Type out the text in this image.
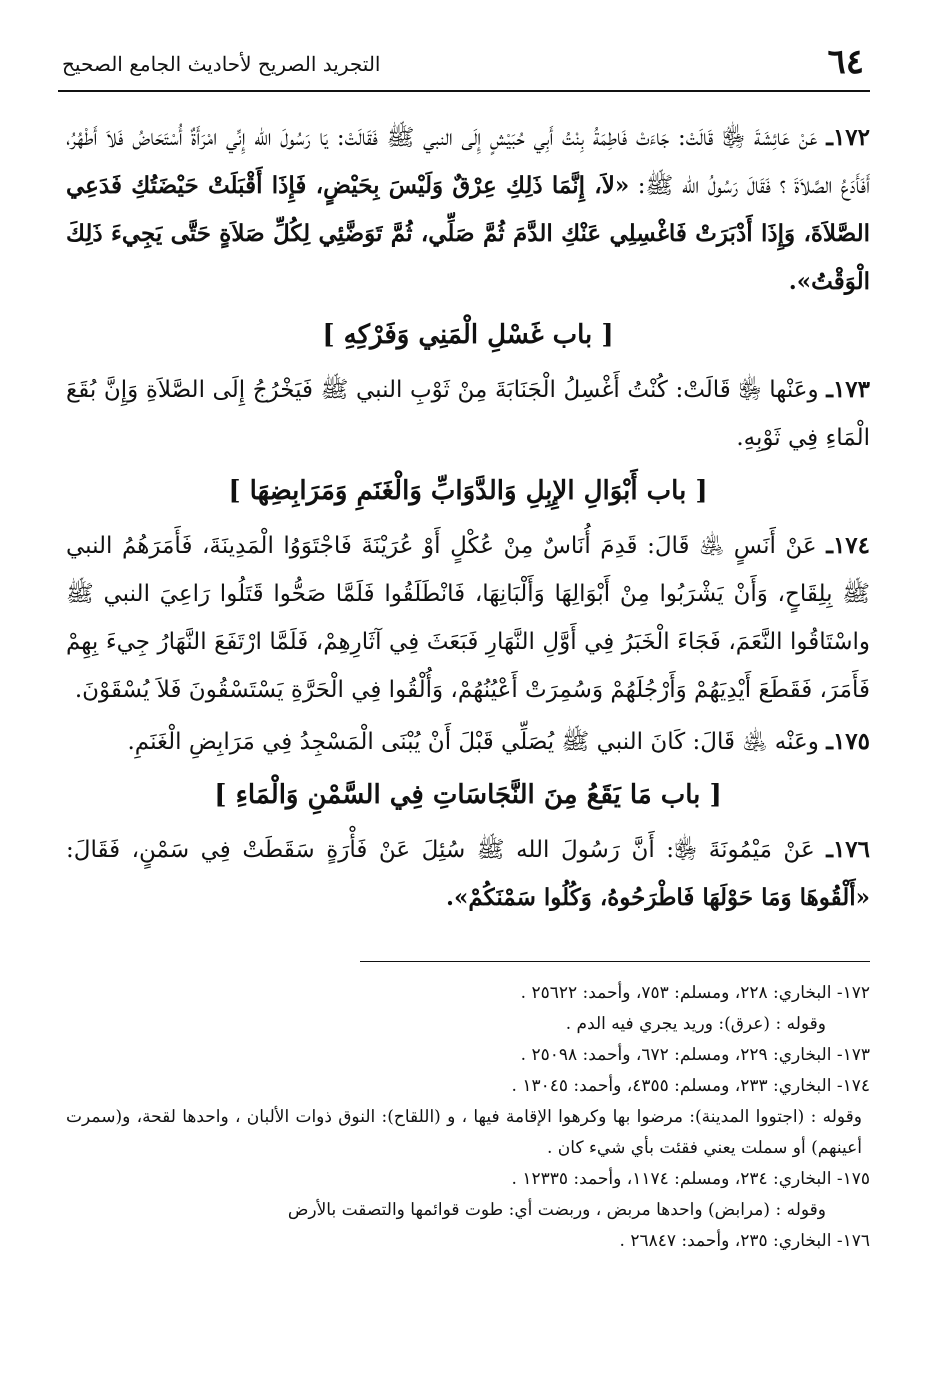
٦٤
التجريد الصريح لأحاديث الجامع الصحيح

١٧٢ـ عَنْ عَائِشَةَ ﵂ قَالَتْ: جَاءَتْ فَاطِمَةُ بِنْتُ أَبِي حُبَيْشٍ إِلَى النبي ﷺ فَقَالَتْ: يَا رَسُولَ الله إِنِّي امْرَأَةٌ أُسْتَحَاضُ فَلاَ أَطْهُرُ، أَفَأَدَعُ الصَّلاَةَ ؟ فَقَالَ رَسُولُ الله ﷺ: «لاَ، إِنَّمَا ذَلِكِ عِرْقٌ وَلَيْسَ بِحَيْضٍ، فَإِذَا أَقْبَلَتْ حَيْضَتُكِ فَدَعِي الصَّلاَةَ، وَإِذَا أَدْبَرَتْ فَاغْسِلِي عَنْكِ الدَّمَ ثُمَّ صَلِّي، ثُمَّ تَوَضَّئِي لِكُلِّ صَلاَةٍ حَتَّى يَجِيءَ ذَلِكَ الْوَقْتُ».

[ باب غَسْلِ الْمَنِي وَفَرْكِهِ ]

١٧٣ـ وعَنْها ﵂ قَالَتْ: كُنْتُ أَغْسِلُ الْجَنَابَةَ مِنْ ثَوْبِ النبي ﷺ فَيَخْرُجُ إِلَى الصَّلاَةِ وَإِنَّ بُقَعَ الْمَاءِ فِي ثَوْبِهِ.

[ باب أَبْوَالِ الإِبِلِ وَالدَّوَابِّ وَالْغَنَمِ وَمَرَابِضِهَا ]

١٧٤ـ عَنْ أَنَسٍ ﵁ قَالَ: قَدِمَ أُنَاسٌ مِنْ عُكْلٍ أَوْ عُرَيْنَةَ فَاجْتَوَوُا الْمَدِينَةَ، فَأَمَرَهُمُ النبي ﷺ بِلِقَاحٍ، وَأَنْ يَشْرَبُوا مِنْ أَبْوَالِهَا وَأَلْبَانِهَا، فَانْطَلَقُوا فَلَمَّا صَحُّوا قَتَلُوا رَاعِيَ النبي ﷺ واسْتَاقُوا النَّعَمَ، فَجَاءَ الْخَبَرُ فِي أَوَّلِ النَّهَارِ فَبَعَثَ فِي آثَارِهِمْ، فَلَمَّا ارْتَفَعَ النَّهَارُ جِيءَ بِهِمْ فَأَمَرَ، فَقَطَعَ أَيْدِيَهُمْ وَأَرْجُلَهُمْ وَسُمِرَتْ أَعْيُنُهُمْ، وَأُلْقُوا فِي الْحَرَّةِ يَسْتَسْقُونَ فَلاَ يُسْقَوْنَ.

١٧٥ـ وعَنْه ﵁ قَالَ: كَانَ النبي ﷺ يُصَلِّي قَبْلَ أَنْ يُبْنَى الْمَسْجِدُ فِي مَرَابِضِ الْغَنَمِ.

[ باب مَا يَقَعُ مِنَ النَّجَاسَاتِ فِي السَّمْنِ وَالْمَاءِ ]

١٧٦ـ عَنْ مَيْمُونَةَ ﵂: أَنَّ رَسُولَ الله ﷺ سُئِلَ عَنْ فَأْرَةٍ سَقَطَتْ فِي سَمْنٍ، فَقَالَ: «أَلْقُوهَا وَمَا حَوْلَهَا فَاطْرَحُوهُ، وَكُلُوا سَمْنَكُمْ».

١٧٢- البخاري: ٢٢٨، ومسلم: ٧٥٣، وأحمد: ٢٥٦٢٢ .
وقوله : (عرق): وريد يجري فيه الدم .
١٧٣- البخاري: ٢٢٩، ومسلم: ٦٧٢، وأحمد: ٢٥٠٩٨ .
١٧٤- البخاري: ٢٣٣، ومسلم: ٤٣٥٥، وأحمد: ١٣٠٤٥ .
وقوله : (اجتووا المدينة): مرضوا بها وكرهوا الإقامة فيها ، و (اللقاح): النوق ذوات الألبان ، واحدها لقحة، و(سمرت أعينهم) أو سملت يعني فقئت بأي شيء كان .
١٧٥- البخاري: ٢٣٤، ومسلم: ١١٧٤، وأحمد: ١٢٣٣٥ .
وقوله : (مرابض) واحدها مربض ، وربضت أي: طوت قوائمها والتصقت بالأرض
١٧٦- البخاري: ٢٣٥، وأحمد: ٢٦٨٤٧ .
